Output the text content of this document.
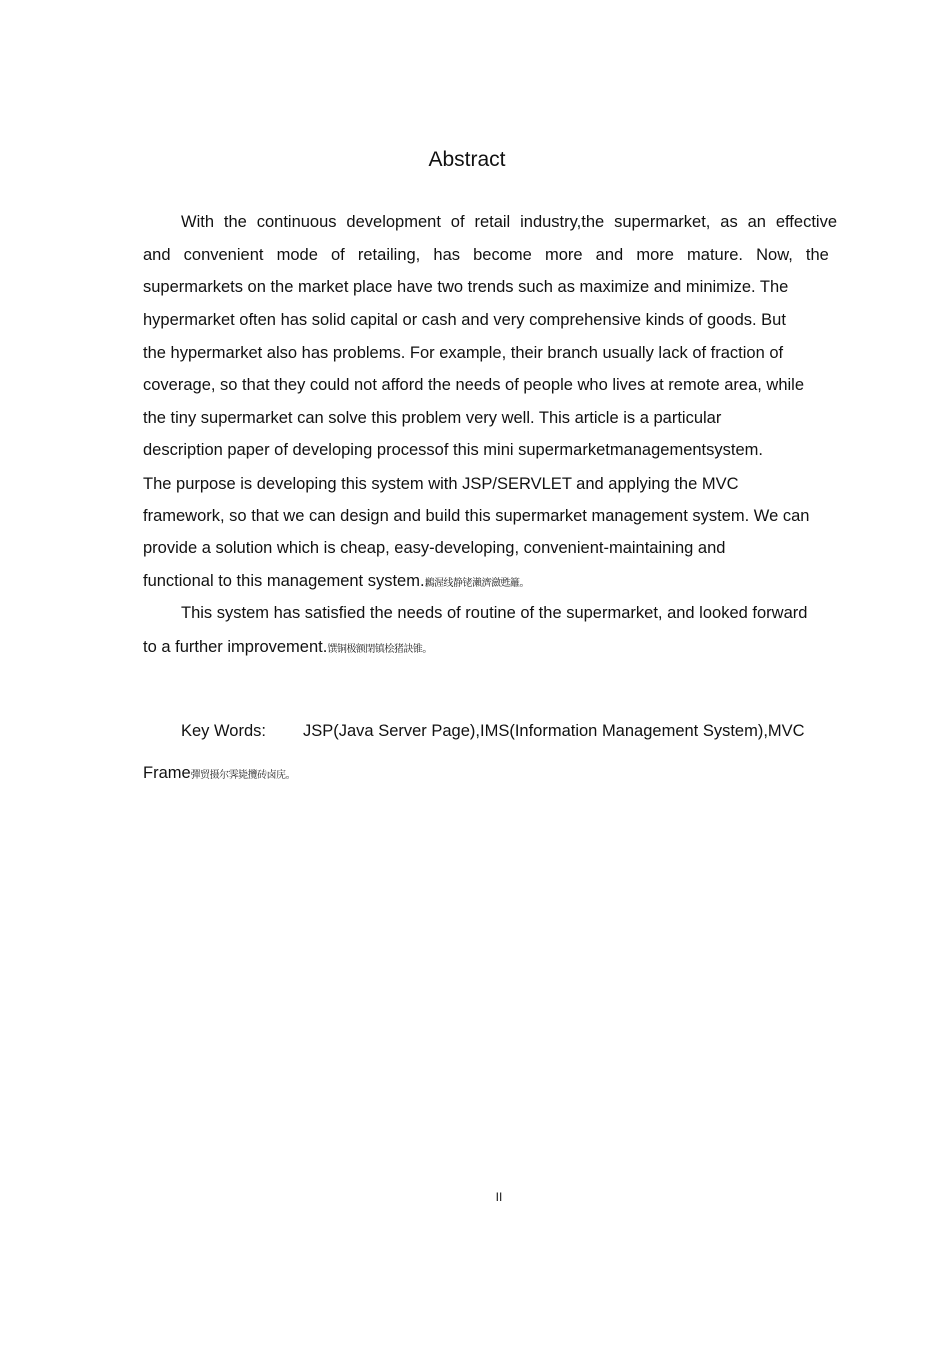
Abstract
With the continuous development of retail industry,the supermarket, as an effective
and convenient mode of retailing, has become more and more mature. Now, the
supermarkets on the market place have two trends such as maximize and minimize. The
hypermarket often has solid capital or cash and very comprehensive kinds of goods. But
the hypermarket also has problems. For example, their branch usually lack of fraction of
coverage, so that they could not afford the needs of people who lives at remote area, while
the tiny supermarket can solve this problem very well. This article is a particular
description paper of developing processof this mini supermarketmanagementsystem.
The purpose is developing this system with JSP/SERVLET and applying the MVC
framework, so that we can design and build this supermarket management system. We can
provide a solution which is cheap, easy-developing, convenient-maintaining and
functional to this management system.鶼渥线静铑瀨濟瀲甦籬。
This system has satisfied the needs of routine of the supermarket, and looked forward
to a further improvement.馔铜极额閉镇桧猪訣锥。
Key Words: JSP(Java Server Page),IMS(Information Management System),MVC
Frame彈贸摄尔霁毙攬砖卤庑。
II
